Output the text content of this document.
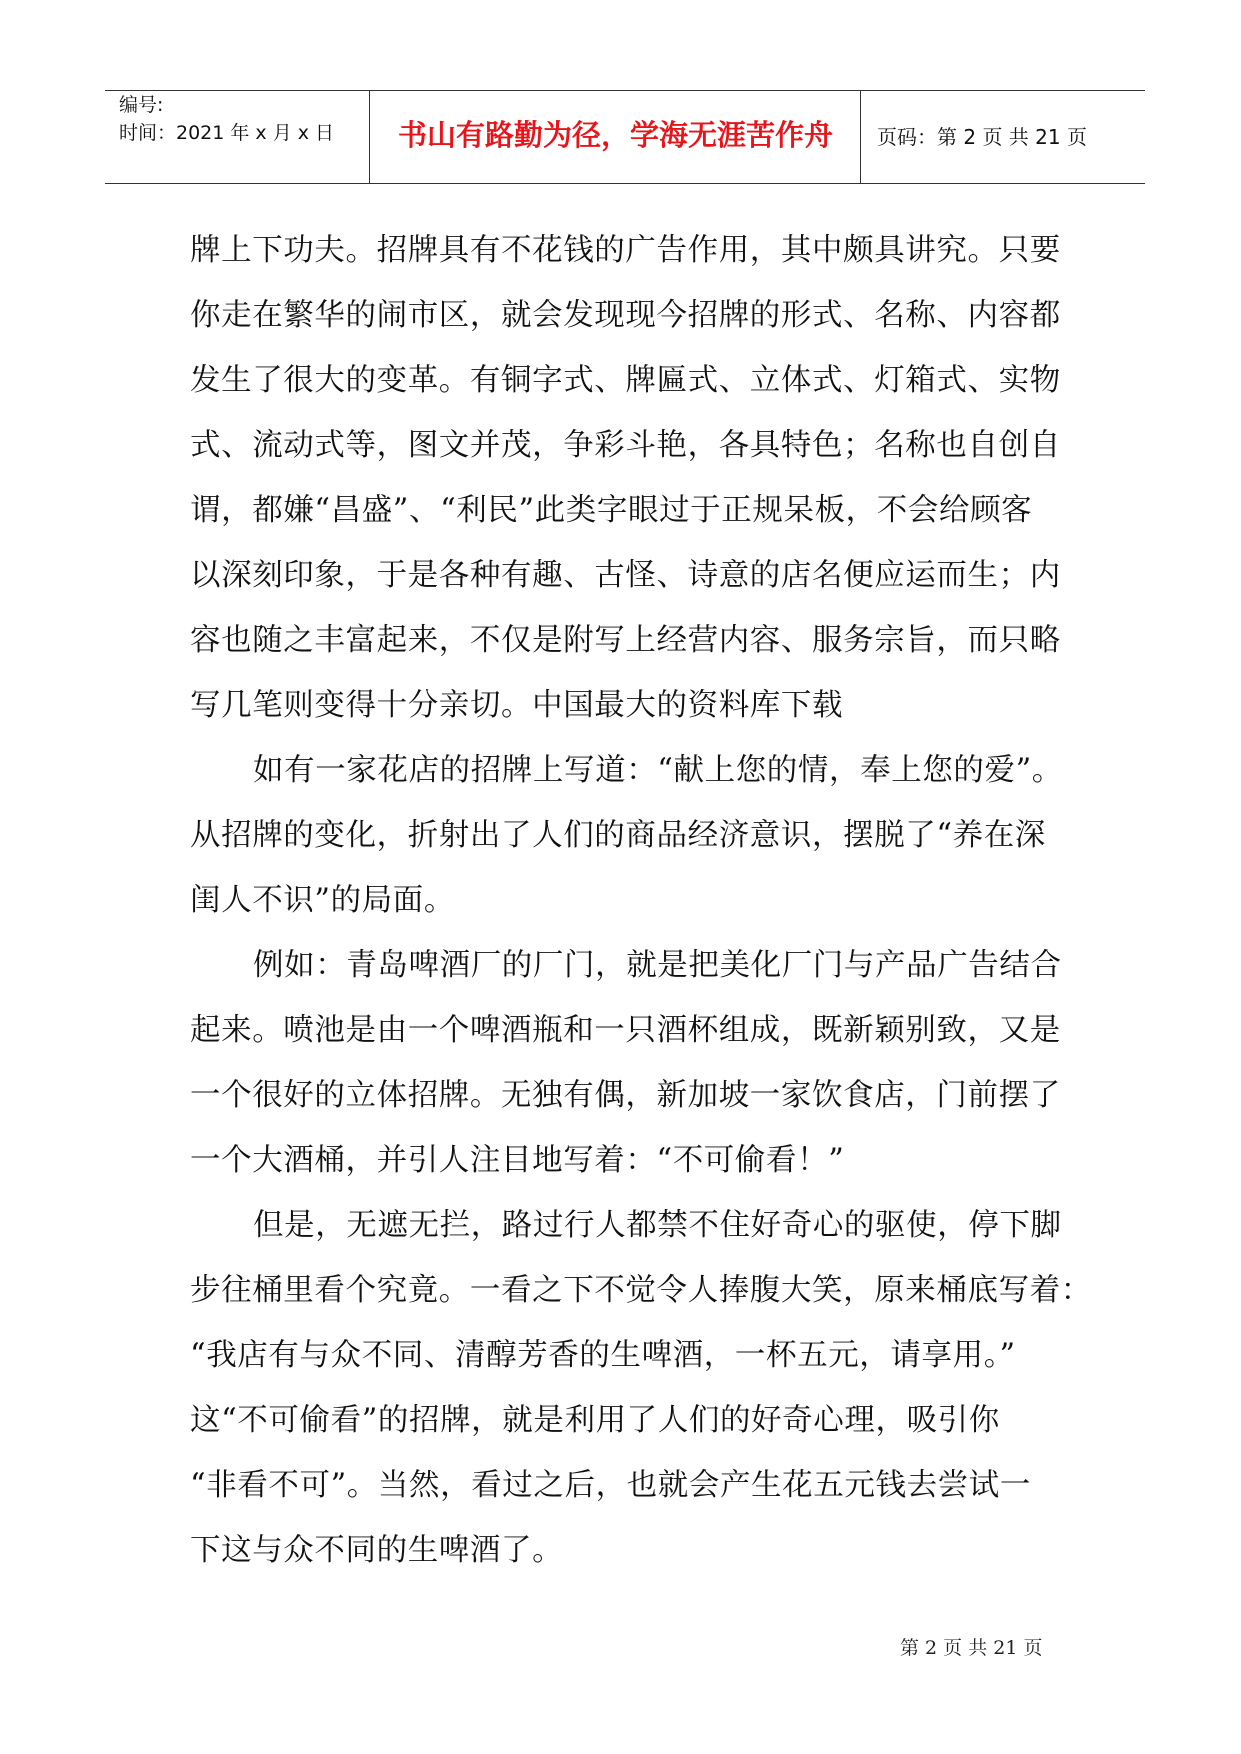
编号:
时间：2021 年 x 月 x 日	书山有路勤为径，学海无涯苦作舟	页码：第 2 页 共 21 页
牌上下功夫。招牌具有不花钱的广告作用，其中颇具讲究。只要
你走在繁华的闹市区，就会发现现今招牌的形式、名称、内容都
发生了很大的变革。有铜字式、牌匾式、立体式、灯箱式、实物
式、流动式等，图文并茂，争彩斗艳，各具特色；名称也自创自
谓，都嫌“昌盛”、“利民”此类字眼过于正规呆板，不会给顾客
以深刻印象，于是各种有趣、古怪、诗意的店名便应运而生；内
容也随之丰富起来，不仅是附写上经营内容、服务宗旨，而只略
写几笔则变得十分亲切。中国最大的资料库下载
如有一家花店的招牌上写道：“献上您的情，奉上您的爱”。
从招牌的变化，折射出了人们的商品经济意识，摆脱了“养在深
闺人不识”的局面。
例如：青岛啤酒厂的厂门，就是把美化厂门与产品广告结合
起来。喷池是由一个啤酒瓶和一只酒杯组成，既新颖别致，又是
一个很好的立体招牌。无独有偶，新加坡一家饮食店，门前摆了
一个大酒桶，并引人注目地写着：“不可偷看！”
但是，无遮无拦，路过行人都禁不住好奇心的驱使，停下脚
步往桶里看个究竟。一看之下不觉令人捧腹大笑，原来桶底写着：
“我店有与众不同、清醇芳香的生啤酒，一杯五元，请享用。”
这“不可偷看”的招牌，就是利用了人们的好奇心理，吸引你
“非看不可”。当然，看过之后，也就会产生花五元钱去尝试一
下这与众不同的生啤酒了。
第 2 页 共 21 页
